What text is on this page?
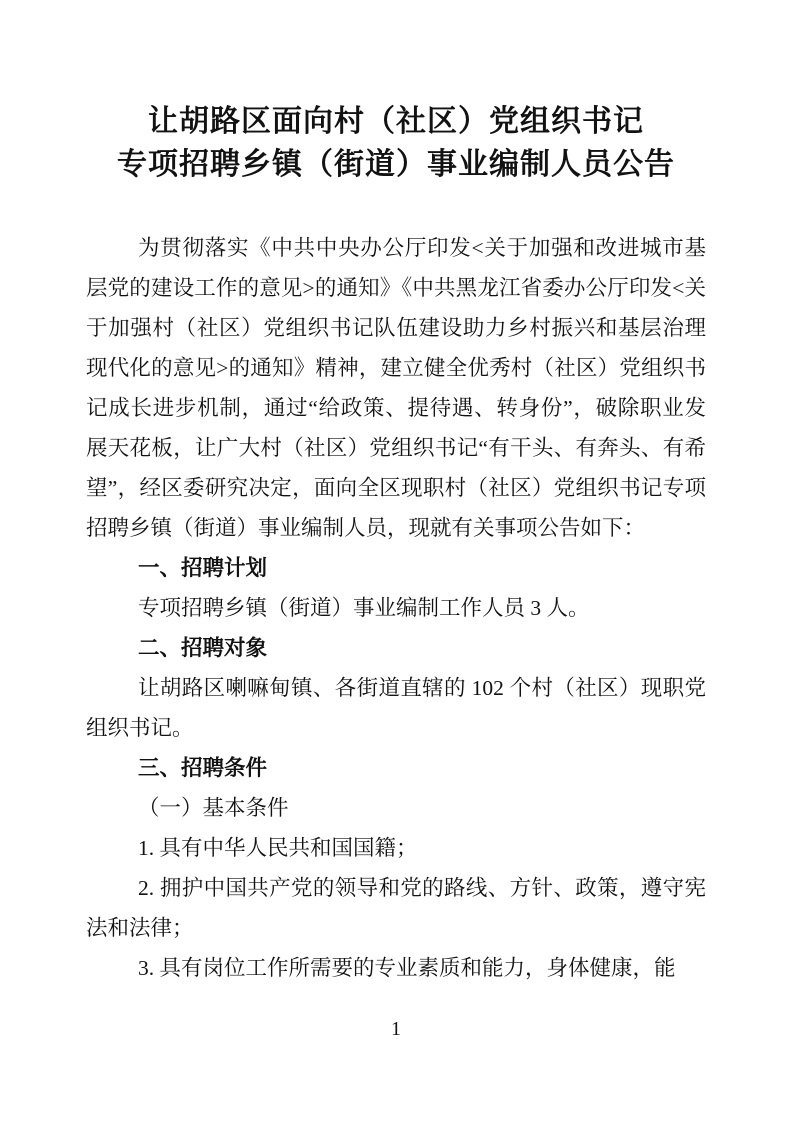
让胡路区面向村（社区）党组织书记
专项招聘乡镇（街道）事业编制人员公告

为贯彻落实《中共中央办公厅印发<关于加强和改进城市基层党的建设工作的意见>的通知》《中共黑龙江省委办公厅印发<关于加强村（社区）党组织书记队伍建设助力乡村振兴和基层治理现代化的意见>的通知》精神，建立健全优秀村（社区）党组织书记成长进步机制，通过“给政策、提待遇、转身份”，破除职业发展天花板，让广大村（社区）党组织书记“有干头、有奔头、有希望”，经区委研究决定，面向全区现职村（社区）党组织书记专项招聘乡镇（街道）事业编制人员，现就有关事项公告如下：

一、招聘计划

专项招聘乡镇（街道）事业编制工作人员 3 人。

二、招聘对象

让胡路区喇嘛甸镇、各街道直辖的 102 个村（社区）现职党组织书记。

三、招聘条件

（一）基本条件

1. 具有中华人民共和国国籍；

2. 拥护中国共产党的领导和党的路线、方针、政策，遵守宪法和法律；

3. 具有岗位工作所需要的专业素质和能力，身体健康，能

1
